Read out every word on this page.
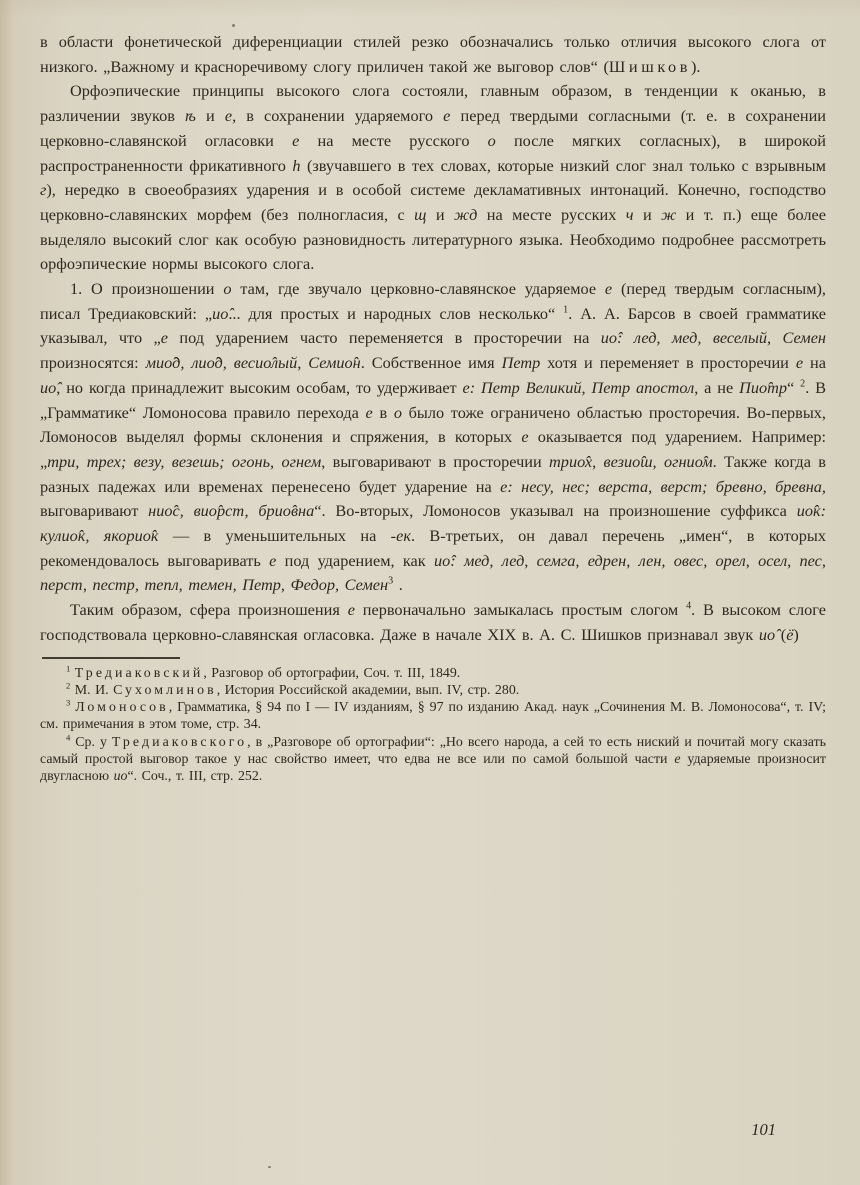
в области фонетической диференциации стилей резко обозначались только отличия высокого слога от низкого. „Важному и красноречивому слогу приличен такой же выговор слов“ (Шишков).

Орфоэпические принципы высокого слога состояли, главным образом, в тенденции к оканью, в различении звуков ѣ и е, в сохранении ударяемого е перед твердыми согласными (т. е. в сохранении церковно-славянской огласовки е на месте русского о после мягких согласных), в широкой распространенности фрикативного h (звучавшего в тех словах, которые низкий слог знал только с взрывным г), нередко в своеобразиях ударения и в особой системе декламативных интонаций. Конечно, господство церковно-славянских морфем (без полногласия, с щ и жд на месте русских ч и ж и т. п.) еще более выделяло высокий слог как особую разновидность литературного языка. Необходимо подробнее рассмотреть орфоэпические нормы высокого слога.

1. О произношении о там, где звучало церковно-славянское ударяемое е (перед твердым согласным), писал Тредиаковский: „ио̂... для простых и народных слов несколько“ $^1$. А. А. Барсов в своей грамматике указывал, что „е под ударением часто переменяется в просторечии на ио̂: лед, мед, веселый, Семен произносятся: мио̂д, лио̂д, весио̂лый, Семио̂н. Собственное имя Петр хотя и переменяет в просторечии е на ио̂, но когда принадлежит высоким особам, то удерживает е: Петр Великий, Петр апостол, а не Пио̂тр“ $^2$. В „Грамматике“ Ломоносова правило перехода е в о было тоже ограничено областью просторечия. Во-первых, Ломоносов выделял формы склонения и спряжения, в которых е оказывается под ударением. Например: „три, трех; везу, везешь; огонь, огнем, выговаривают в просторечии трио̂х, везио̂ш, огнио̂м. Также когда в разных падежах или временах перенесено будет ударение на е: несу, нес; верста, верст; бревно, бревна, выговаривают нио̂с, вио̂рст, брио̂вна“. Во-вторых, Ломоносов указывал на произношение суффикса ио̂к: кулио̂к, якорио̂к — в уменьшительных на -ек. В-третьих, он давал перечень „имен“, в которых рекомендовалось выговаривать е под ударением, как ио̂: мед, лед, семга, едрен, лен, овес, орел, осел, пес, перст, пестр, тепл, темен, Петр, Федор, Семен$^3$ .

Таким образом, сфера произношения е первоначально замыкалась простым слогом $^4$. В высоком слоге господствовала церковно-славянская огласовка. Даже в начале XIX в. А. С. Шишков признавал звук ио̂ (ё)

$^1$ Тредиаковский, Разговор об ортографии, Соч. т. III, 1849.

$^2$ М. И. Сухомлинов, История Российской академии, вып. IV, стр. 280.

$^3$ Ломоносов, Грамматика, § 94 по I — IV изданиям, § 97 по изданию Акад. наук „Сочинения М. В. Ломоносова“, т. IV; см. примечания в этом томе, стр. 34.

$^4$ Ср. у Тредиаковского, в „Разговоре об ортографии“: „Но всего народа, а сей то есть ниский и почитай могу сказать самый простой выговор такое у нас свойство имеет, что едва не все или по самой большой части е ударяемые произносит двугласною ио“. Соч., т. III, стр. 252.

101
